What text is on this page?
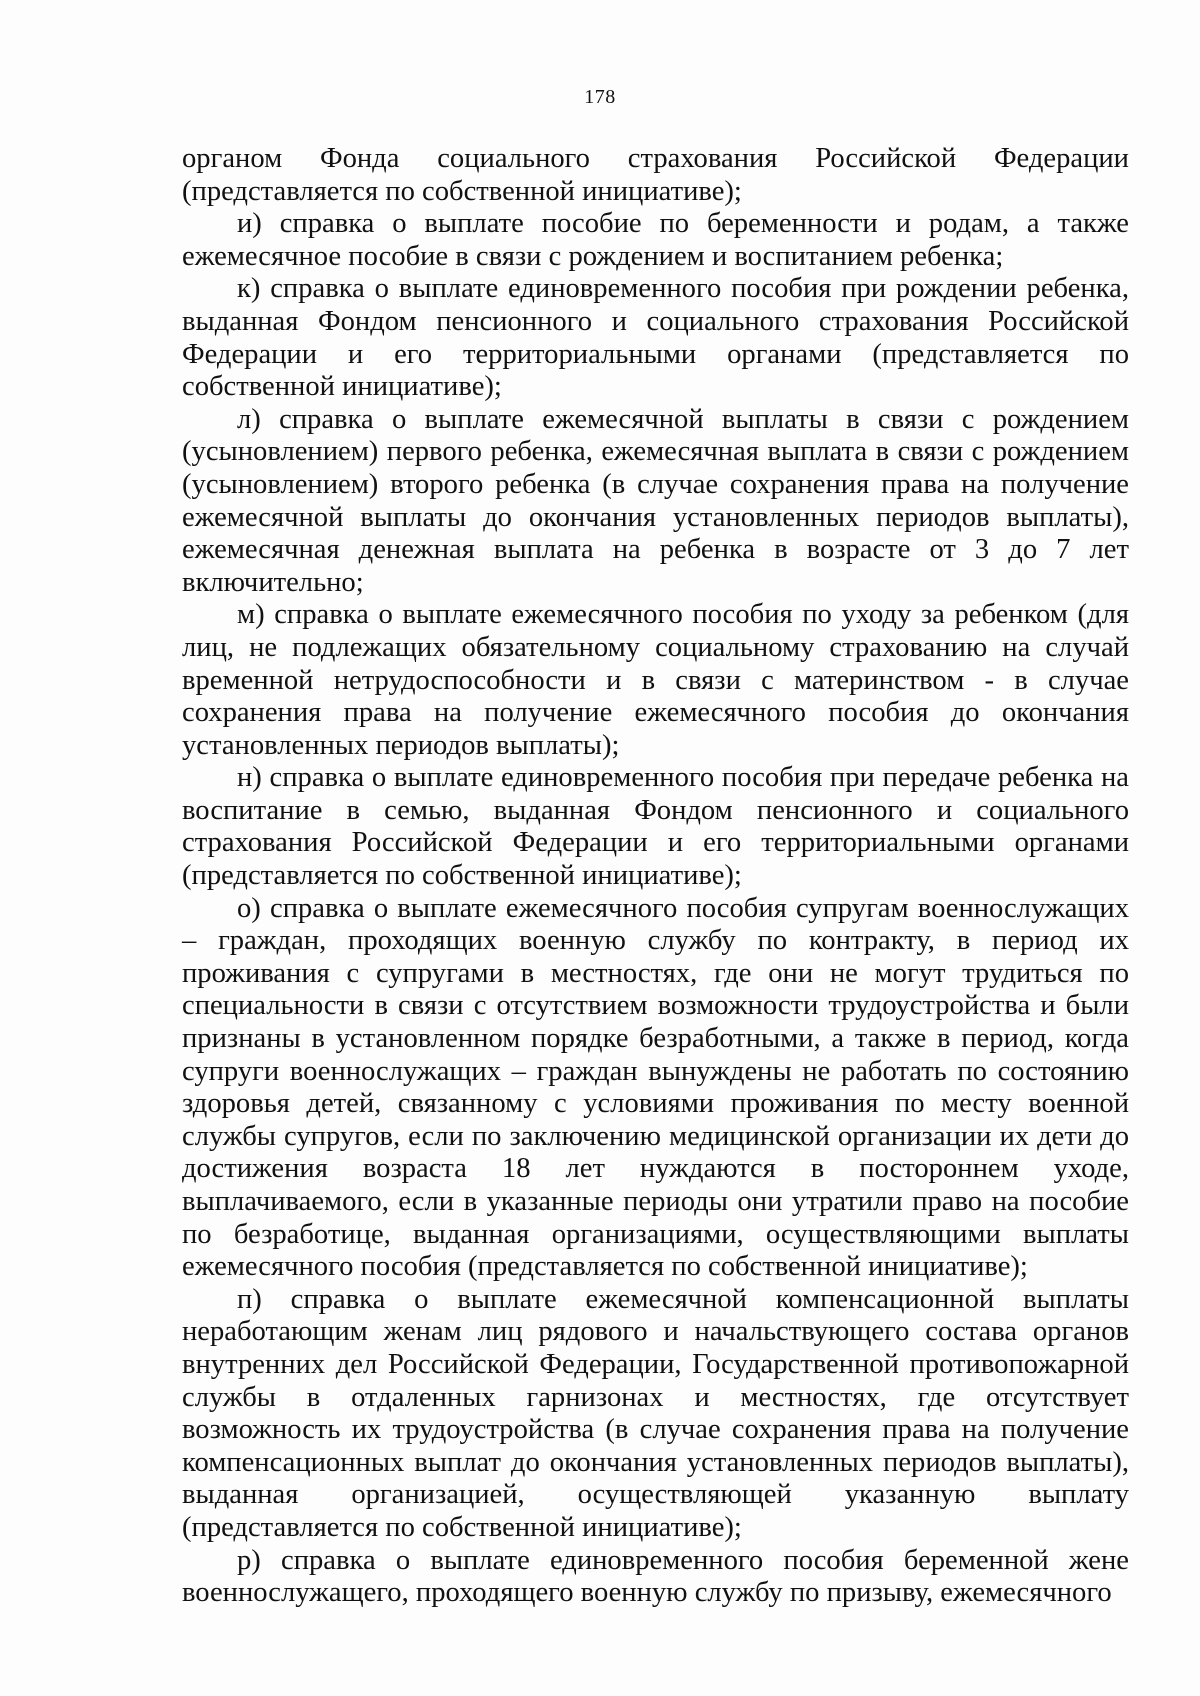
178

органом Фонда социального страхования Российской Федерации (представляется по собственной инициативе);

и) справка о выплате пособие по беременности и родам, а также ежемесячное пособие в связи с рождением и воспитанием ребенка;

к) справка о выплате единовременного пособия при рождении ребенка, выданная Фондом пенсионного и социального страхования Российской Федерации и его территориальными органами (представляется по собственной инициативе);

л) справка о выплате ежемесячной выплаты в связи с рождением (усыновлением) первого ребенка, ежемесячная выплата в связи с рождением (усыновлением) второго ребенка (в случае сохранения права на получение ежемесячной выплаты до окончания установленных периодов выплаты), ежемесячная денежная выплата на ребенка в возрасте от 3 до 7 лет включительно;

м) справка о выплате ежемесячного пособия по уходу за ребенком (для лиц, не подлежащих обязательному социальному страхованию на случай временной нетрудоспособности и в связи с материнством - в случае сохранения права на получение ежемесячного пособия до окончания установленных периодов выплаты);

н) справка о выплате единовременного пособия при передаче ребенка на воспитание в семью, выданная Фондом пенсионного и социального страхования Российской Федерации и его территориальными органами (представляется по собственной инициативе);

о) справка о выплате ежемесячного пособия супругам военнослужащих – граждан, проходящих военную службу по контракту, в период их проживания с супругами в местностях, где они не могут трудиться по специальности в связи с отсутствием возможности трудоустройства и были признаны в установленном порядке безработными, а также в период, когда супруги военнослужащих – граждан вынуждены не работать по состоянию здоровья детей, связанному с условиями проживания по месту военной службы супругов, если по заключению медицинской организации их дети до достижения возраста 18 лет нуждаются в постороннем уходе, выплачиваемого, если в указанные периоды они утратили право на пособие по безработице, выданная организациями, осуществляющими выплаты ежемесячного пособия (представляется по собственной инициативе);

п) справка о выплате ежемесячной компенсационной выплаты неработающим женам лиц рядового и начальствующего состава органов внутренних дел Российской Федерации, Государственной противопожарной службы в отдаленных гарнизонах и местностях, где отсутствует возможность их трудоустройства (в случае сохранения права на получение компенсационных выплат до окончания установленных периодов выплаты), выданная организацией, осуществляющей указанную выплату (представляется по собственной инициативе);

р) справка о выплате единовременного пособия беременной жене военнослужащего, проходящего военную службу по призыву, ежемесячного
